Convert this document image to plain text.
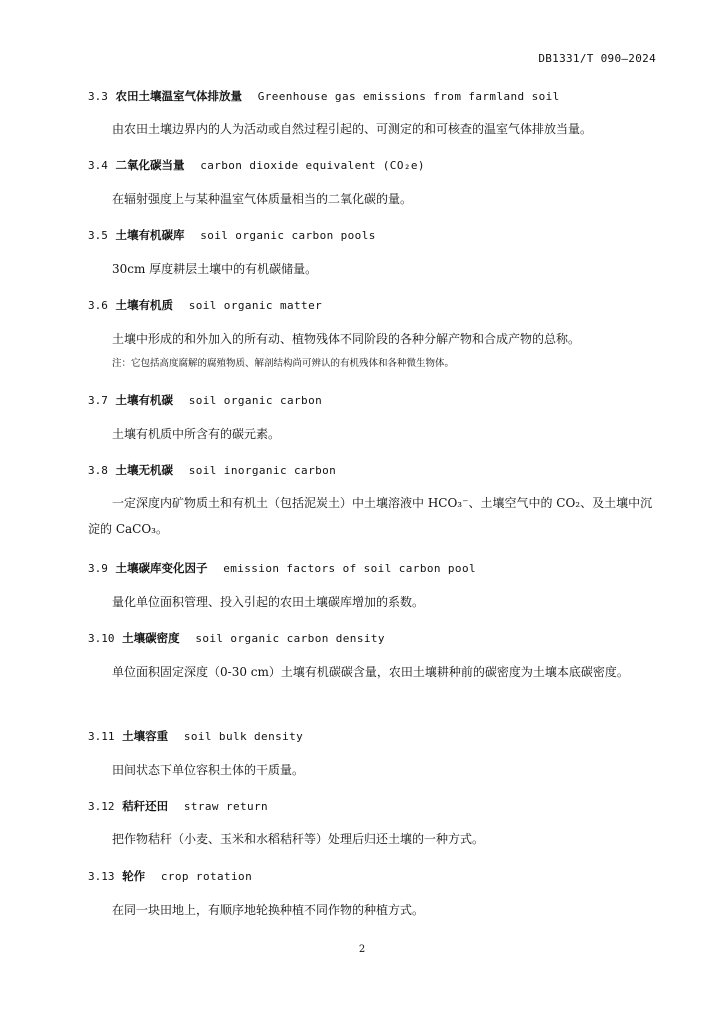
DB1331/T 090—2024
3.3 农田土壤温室气体排放量 Greenhouse gas emissions from farmland soil
由农田土壤边界内的人为活动或自然过程引起的、可测定的和可核查的温室气体排放当量。
3.4 二氧化碳当量 carbon dioxide equivalent (CO₂e)
在辐射强度上与某种温室气体质量相当的二氧化碳的量。
3.5 土壤有机碳库 soil organic carbon pools
30cm 厚度耕层土壤中的有机碳储量。
3.6 土壤有机质 soil organic matter
土壤中形成的和外加入的所有动、植物残体不同阶段的各种分解产物和合成产物的总称。
注：它包括高度腐解的腐殖物质、解剖结构尚可辨认的有机残体和各种微生物体。
3.7 土壤有机碳 soil organic carbon
土壤有机质中所含有的碳元素。
3.8 土壤无机碳 soil inorganic carbon
一定深度内矿物质土和有机土（包括泥炭土）中土壤溶液中 HCO₃⁻、土壤空气中的 CO₂、及土壤中沉淀的 CaCO₃。
3.9 土壤碳库变化因子 emission factors of soil carbon pool
量化单位面积管理、投入引起的农田土壤碳库增加的系数。
3.10 土壤碳密度 soil organic carbon density
单位面积固定深度（0-30 cm）土壤有机碳碳含量，农田土壤耕种前的碳密度为土壤本底碳密度。
3.11 土壤容重 soil bulk density
田间状态下单位容积土体的干质量。
3.12 秸秆还田 straw return
把作物秸秆（小麦、玉米和水稻秸秆等）处理后归还土壤的一种方式。
3.13 轮作 crop rotation
在同一块田地上，有顺序地轮换种植不同作物的种植方式。
2
